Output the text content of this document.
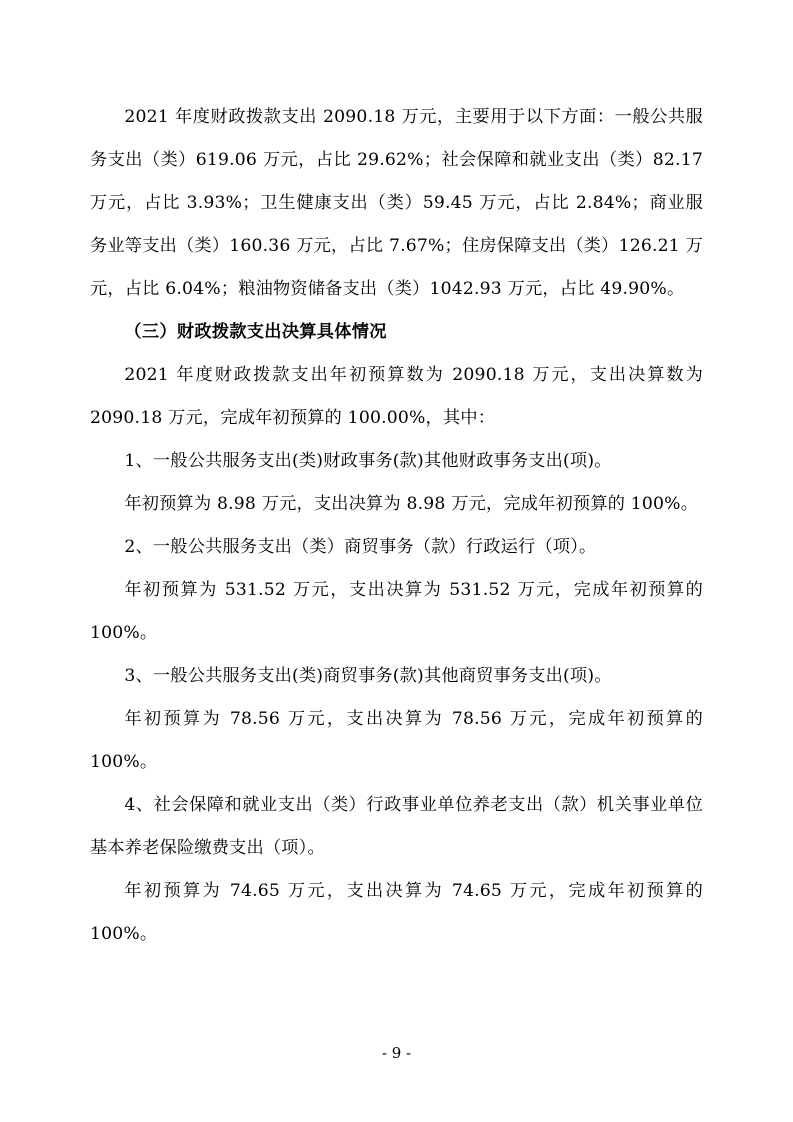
2021 年度财政拨款支出 2090.18 万元，主要用于以下方面：一般公共服务支出（类）619.06 万元，占比 29.62%；社会保障和就业支出（类）82.17 万元，占比 3.93%；卫生健康支出（类）59.45 万元，占比 2.84%；商业服务业等支出（类）160.36 万元，占比 7.67%；住房保障支出（类）126.21 万元，占比 6.04%；粮油物资储备支出（类）1042.93 万元，占比 49.90%。

（三）财政拨款支出决算具体情况

2021 年度财政拨款支出年初预算数为 2090.18 万元，支出决算数为 2090.18 万元，完成年初预算的 100.00%，其中：

1、一般公共服务支出(类)财政事务(款)其他财政事务支出(项)。

年初预算为 8.98 万元，支出决算为 8.98 万元，完成年初预算的 100%。

2、一般公共服务支出（类）商贸事务（款）行政运行（项）。

年初预算为 531.52 万元，支出决算为 531.52 万元，完成年初预算的 100%。

3、一般公共服务支出(类)商贸事务(款)其他商贸事务支出(项)。

年初预算为 78.56 万元，支出决算为 78.56 万元，完成年初预算的 100%。

4、社会保障和就业支出（类）行政事业单位养老支出（款）机关事业单位基本养老保险缴费支出（项）。

年初预算为 74.65 万元，支出决算为 74.65 万元，完成年初预算的 100%。

- 9 -
